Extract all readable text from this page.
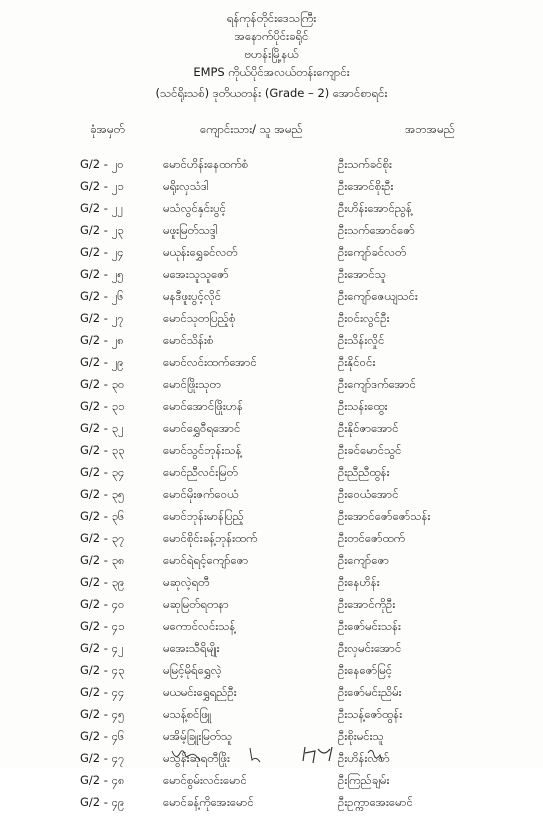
ရန်ကုန်တိုင်းဒေသကြီး
အနောက်ပိုင်းခရိုင်
ဗဟန်းမြို့နယ်
EMPS ကိုယ်ပိုင်အလယ်တန်းကျောင်း
(သင်ရိုးသစ်) ဒုတိယတန်း (Grade – 2) အောင်စာရင်း
ခုံအမှတ်	ကျောင်းသား/ သူ အမည်	အဘအမည်
G/2 - ၂၀	မောင်ဟိန်းနေထက်စံ	ဦးသက်ခင်စိုး
G/2 - ၂၁	မရိုးလှသံဒါ	ဦးအောင်စိုးဦး
G/2 - ၂၂	မသံလွင်နှင်းပွင့်	ဦးဟိန်းအောင်ညွန့်
G/2 - ၂၃	မဖူးမြတ်သဒ္ဒါ	ဦးသက်အောင်ဇော်
G/2 - ၂၄	မယုန်းရွှေခင်လတ်	ဦးကျော်ခင်လတ်
G/2 - ၂၅	မအေးသူသူဇော်	ဦးအောင်သူ
G/2 - ၂၆	မနဒီဖူးပွင့်လိုင်	ဦးကျော်ဇေယျသင်း
G/2 - ၂၇	မောင်သုတပြည့်စုံ	ဦးဝင်းလွင်ဦး
G/2 - ၂၈	မောင်သိန်းစံ	ဦးသိန်းလှိုင်
G/2 - ၂၉	မောင်လင်းထက်အောင်	ဦးနိုင်ဝင်း
G/2 - ၃၀	မောင်ဖြိုးသုတ	ဦးကျော်ဒက်အောင်
G/2 - ၃၁	မောင်အောင်ဖြိုးဟန်	ဦးသန်းထွေး
G/2 - ၃၂	မောင်ရွှေဝီရအောင်	ဦးနိုင်ဇာအောင်
G/2 - ၃၃	မောင်သွင်ဘုန်းသန့်	ဦးခင်မောင်သွင်
G/2 - ၃၄	မောင်ညီလင်းမြတ်	ဦးညီညီထွန်း
G/2 - ၃၅	မောင်မိုးဇက်ဝေယံ	ဦးဝေယံအောင်
G/2 - ၃၆	မောင်ဘုန်းမာန်ပြည့်	ဦးအောင်ဇော်ဇော်သန်း
G/2 - ၃၇	မောင်စိုင်းခန့်ဘုန်းထက်	ဦးတင်ဇော်ထက်
G/2 - ၃၈	မောင်ရဲရင့်ကျော်ဇော	ဦးကျော်ဇော
G/2 - ၃၉	မဆုလဲ့ရတီ	ဦးနေဟိန်း
G/2 - ၄၀	မဆုမြတ်ရတနာ	ဦးအောင်ကိုဦး
G/2 - ၄၁	မကောင်လင်းသန့်	ဦးဇော်မင်းသန်း
G/2 - ၄၂	မအေးသီရိမျိုး	ဦးလှမင်းအောင်
G/2 - ၄၃	မမြင့်မိုရ်ရွှေလဲ့	ဦးနေဇော်မြင့်
G/2 - ၄၄	မယမင်းရွှေရည်ဦး	ဦးဇော်မင်းညိမ်း
G/2 - ၄၅	မသန့်စင်ဖြူ	ဦးသန့်ဇော်ထွန်း
G/2 - ၄၆	မအိမ့်ခြူးမြတ်သူ	ဦးစိုးမင်းသူ
G/2 - ၄၇	မသွန်းဆုရတီဖြိုး	ဦးဟိန်းလတ်
G/2 - ၄၈	မောင်စွမ်းလင်းမောင်	ဦးကြည်ချမ်း
G/2 - ၄၉	မောင်ခန့်ကိုအေးမောင်	ဦးဥက္ကာအေးမောင်
